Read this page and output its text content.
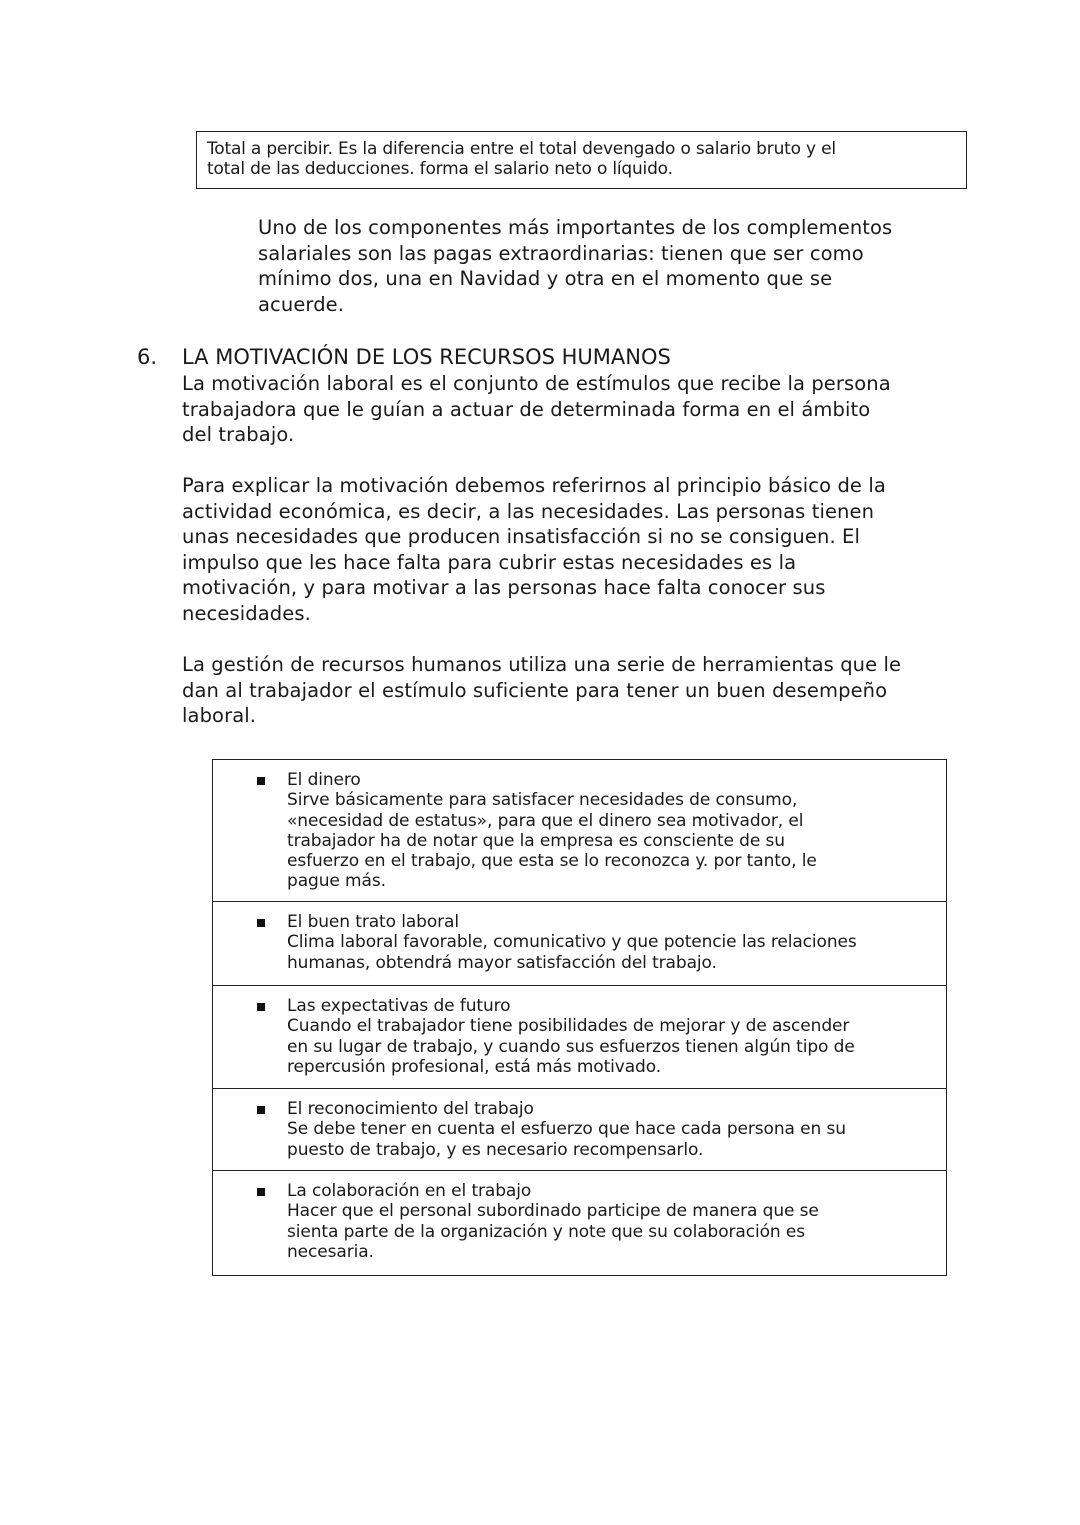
Total a percibir. Es la diferencia entre el total devengado o salario bruto y el
total de las deducciones. forma el salario neto o líquido.
Uno de los componentes más importantes de los complementos
salariales son las pagas extraordinarias: tienen que ser como
mínimo dos, una en Navidad y otra en el momento que se
acuerde.
6. LA MOTIVACIÓN DE LOS RECURSOS HUMANOS
La motivación laboral es el conjunto de estímulos que recibe la persona
trabajadora que le guían a actuar de determinada forma en el ámbito
del trabajo.
Para explicar la motivación debemos referirnos al principio básico de la
actividad económica, es decir, a las necesidades. Las personas tienen
unas necesidades que producen insatisfacción si no se consiguen. El
impulso que les hace falta para cubrir estas necesidades es la
motivación, y para motivar a las personas hace falta conocer sus
necesidades.
La gestión de recursos humanos utiliza una serie de herramientas que le
dan al trabajador el estímulo suficiente para tener un buen desempeño
laboral.
El dinero
Sirve básicamente para satisfacer necesidades de consumo,
«necesidad de estatus», para que el dinero sea motivador, el
trabajador ha de notar que la empresa es consciente de su
esfuerzo en el trabajo, que esta se lo reconozca y. por tanto, le
pague más.

El buen trato laboral
Clima laboral favorable, comunicativo y que potencie las relaciones
humanas, obtendrá mayor satisfacción del trabajo.

Las expectativas de futuro
Cuando el trabajador tiene posibilidades de mejorar y de ascender
en su lugar de trabajo, y cuando sus esfuerzos tienen algún tipo de
repercusión profesional, está más motivado.

El reconocimiento del trabajo
Se debe tener en cuenta el esfuerzo que hace cada persona en su
puesto de trabajo, y es necesario recompensarlo.

La colaboración en el trabajo
Hacer que el personal subordinado participe de manera que se
sienta parte de la organización y note que su colaboración es
necesaria.
